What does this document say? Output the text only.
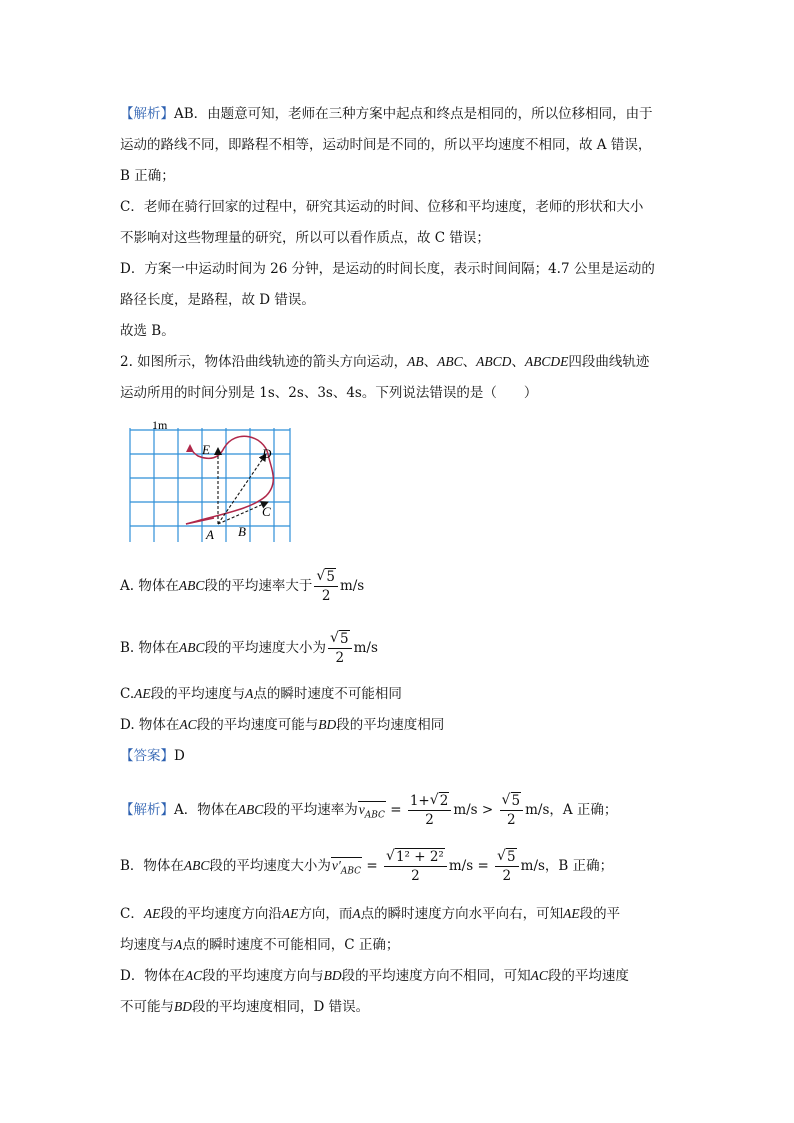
【解析】AB．由题意可知，老师在三种方案中起点和终点是相同的，所以位移相同，由于
运动的路线不同，即路程不相等，运动时间是不同的，所以平均速度不相同，故 A 错误，
B 正确；
C．老师在骑行回家的过程中，研究其运动的时间、位移和平均速度，老师的形状和大小
不影响对这些物理量的研究，所以可以看作质点，故 C 错误；
D．方案一中运动时间为 26 分钟，是运动的时间长度，表示时间间隔；4.7 公里是运动的
路径长度，是路程，故 D 错误。
故选 B。
2. 如图所示，物体沿曲线轨迹的箭头方向运动，AB、ABC、ABCD、ABCDE四段曲线轨迹
运动所用的时间分别是 1s、2s、3s、4s。下列说法错误的是（　　）
1m
A B
C
D
E
A. 物体在ABC段的平均速率大于 √ $\frac{5}{2} m/s$
B. 物体在ABC段的平均速度大小为 √ $\frac{5}{2} m/s$
C.AE段的平均速度与A点的瞬时速度不可能相同
D. 物体在AC段的平均速度可能与BD段的平均速度相同
【答案】D
【解析】A．物体在ABC段的平均速率为$v_{ABC} = \frac{1+ √ 2}{2} m/s$ > √ $\frac{5}{2} m/s$，A 正确；
B．物体在ABC段的平均速度大小为$v'_{ABC}$ = √ $\frac{\text{1² + 2²}}{2} m/s$ = √ $\frac{5}{2} m/s$，B 正确；
C．AE段的平均速度方向沿AE方向，而A点的瞬时速度方向水平向右，可知AE段的平
均速度与A点的瞬时速度不可能相同，C 正确；
D．物体在AC段的平均速度方向与BD段的平均速度方向不相同，可知AC段的平均速度
不可能与BD段的平均速度相同，D 错误。
